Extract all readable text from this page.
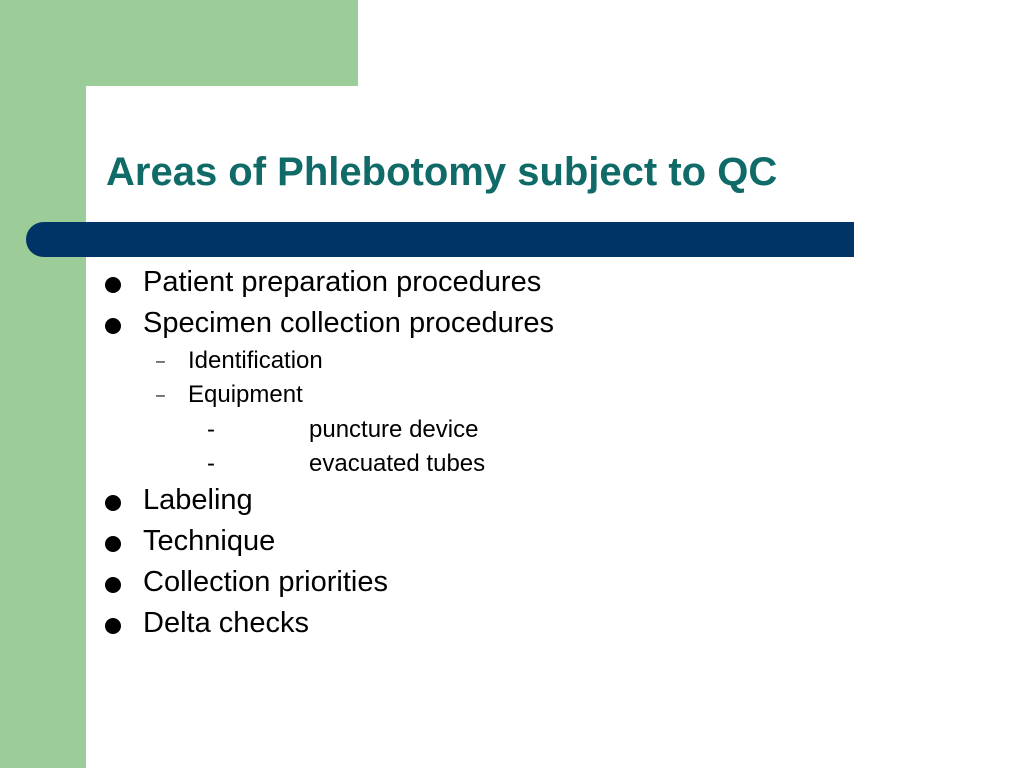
Areas of Phlebotomy subject to QC
Patient preparation procedures
Specimen collection procedures
– Identification
– Equipment
-	puncture device
-	evacuated tubes
Labeling
Technique
Collection priorities
Delta checks
